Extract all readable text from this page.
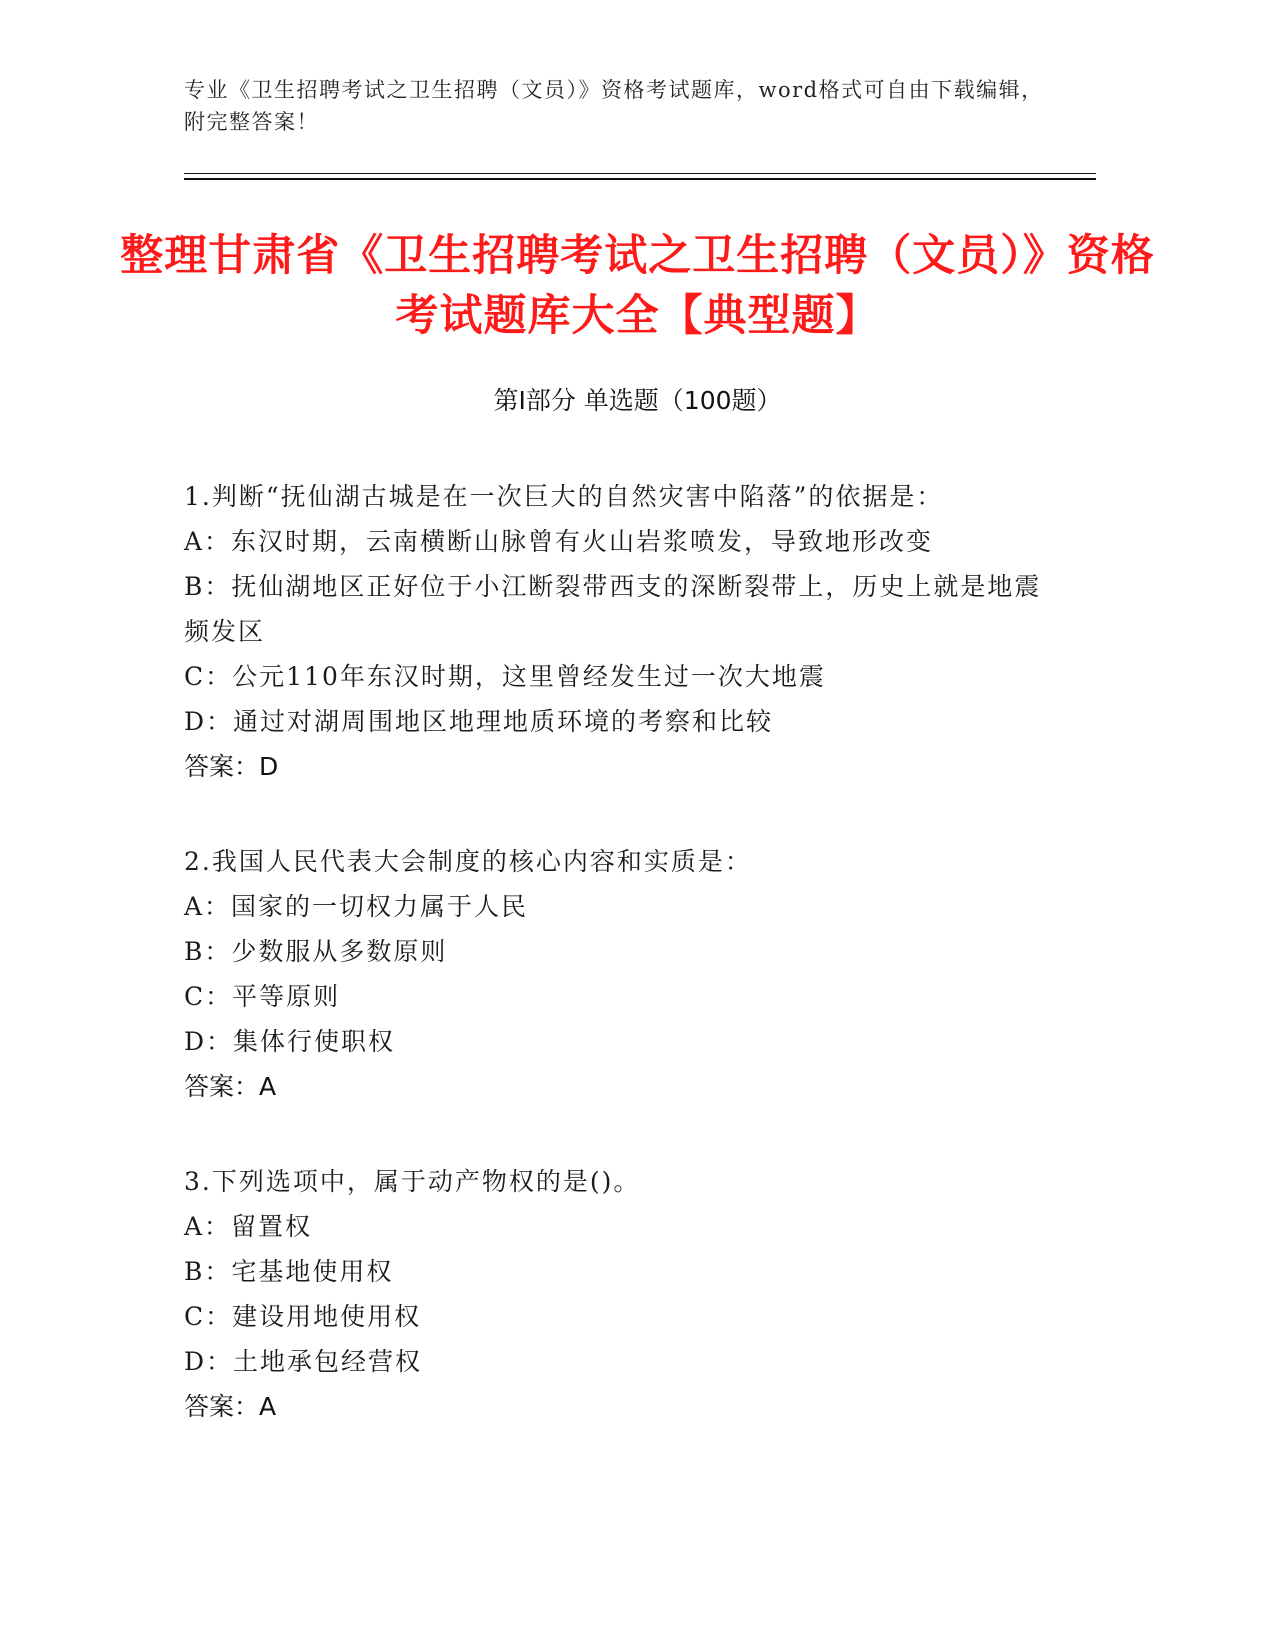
专业《卫生招聘考试之卫生招聘（文员）》资格考试题库，word格式可自由下载编辑，附完整答案！
整理甘肃省《卫生招聘考试之卫生招聘（文员）》资格考试题库大全【典型题】
第I部分 单选题（100题）
1.判断“抚仙湖古城是在一次巨大的自然灾害中陷落”的依据是：
A：东汉时期，云南横断山脉曾有火山岩浆喷发，导致地形改变
B：抚仙湖地区正好位于小江断裂带西支的深断裂带上，历史上就是地震频发区
C：公元110年东汉时期，这里曾经发生过一次大地震
D：通过对湖周围地区地理地质环境的考察和比较
答案：D
2.我国人民代表大会制度的核心内容和实质是：
A：国家的一切权力属于人民
B：少数服从多数原则
C：平等原则
D：集体行使职权
答案：A
3.下列选项中，属于动产物权的是()。
A：留置权
B：宅基地使用权
C：建设用地使用权
D：土地承包经营权
答案：A
